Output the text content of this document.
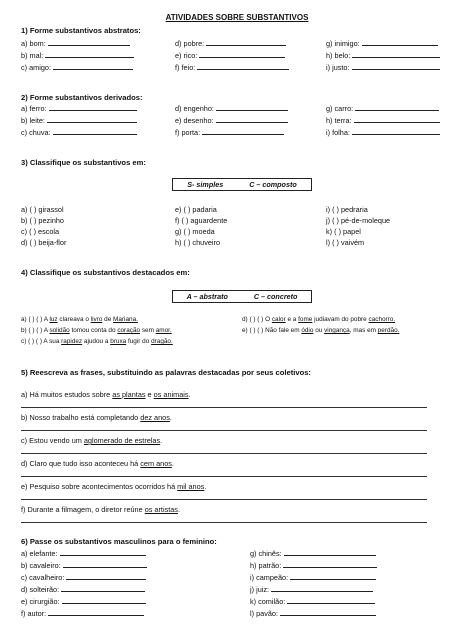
ATIVIDADES SOBRE SUBSTANTIVOS
1) Forme substantivos abstratos:
a) bom:
b) mal:
c) amigo:
d) pobre:
e) rico:
f) feio:
g) inimigo:
h) belo:
i) justo:
2) Forme substantivos derivados:
a) ferro:
b) leite:
c) chuva:
d) engenho:
e) desenho:
f) porta:
g) carro:
h) terra:
i) folha:
3) Classifique os substantivos em:
S- simples	C – composto
a) ( ) girassol
b) ( ) pezinho
c) ( ) escola
d) ( ) beija-flor
e) ( ) padaria
f) ( ) aguardente
g) ( ) moeda
h) ( ) chuveiro
i) ( ) pedraria
j) ( ) pé-de-moleque
k) ( ) papel
l) ( ) vaivém
4) Classifique os substantivos destacados em:
A – abstrato	C – concreto
a) ( ) ( ) A luz clareava o livro de Mariana.
b) ( ) ( ) A solidão tomou conta do coração sem amor.
c) ( ) ( ) A sua rapidez ajudou a bruxa fugir do dragão.
d) ( ) ( ) O calor e a fome judiavam do pobre cachorro.
e) ( ) ( ) Não fale em ódio ou vingança, mas em perdão.
5) Reescreva as frases, substituindo as palavras destacadas por seus coletivos:
a) Há muitos estudos sobre as plantas e os animais.
b) Nosso trabalho está completando dez anos.
c) Estou vendo um aglomerado de estrelas.
d) Claro que tudo isso aconteceu há cem anos.
e) Pesquiso sobre acontecimentos ocorridos há mil anos.
f) Durante a filmagem, o diretor reúne os artistas.
6) Passe os substantivos masculinos para o feminino:
a) elefante:
b) cavaleiro:
c) cavalheiro:
d) solteirão:
e) cirurgião:
f) autor:
g) chinês:
h) patrão:
i) campeão:
j) juiz:
k) comilão:
l) pavão:
